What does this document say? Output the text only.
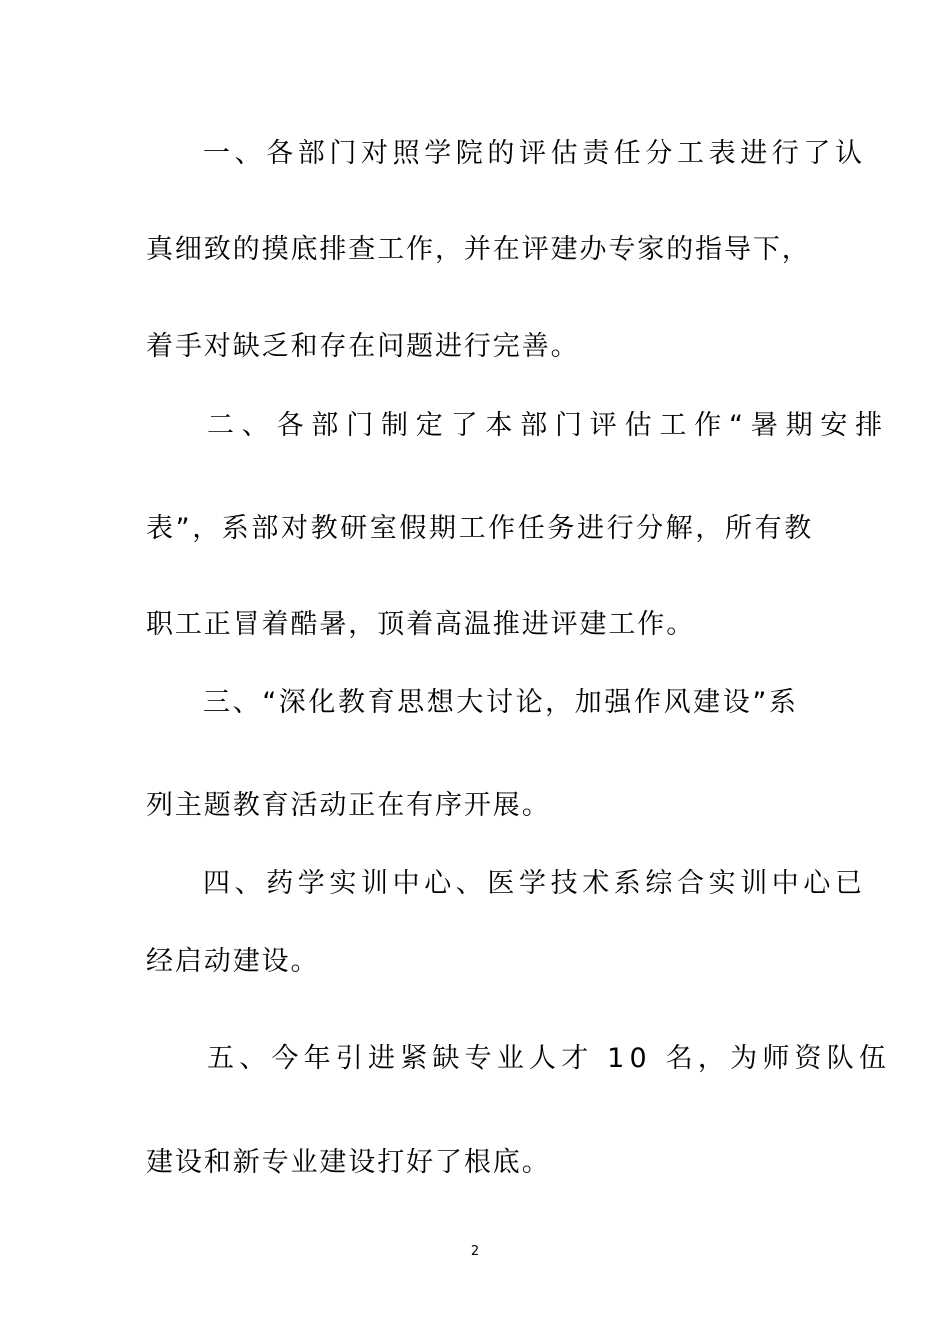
一、各部门对照学院的评估责任分工表进行了认
真细致的摸底排查工作，并在评建办专家的指导下，
着手对缺乏和存在问题进行完善。
二、各部门制定了本部门评估工作“暑期安排
表”，系部对教研室假期工作任务进行分解，所有教
职工正冒着酷暑，顶着高温推进评建工作。
三、“深化教育思想大讨论，加强作风建设”系
列主题教育活动正在有序开展。
四、药学实训中心、医学技术系综合实训中心已
经启动建设。
五、今年引进紧缺专业人才 10 名，为师资队伍
建设和新专业建设打好了根底。
2
